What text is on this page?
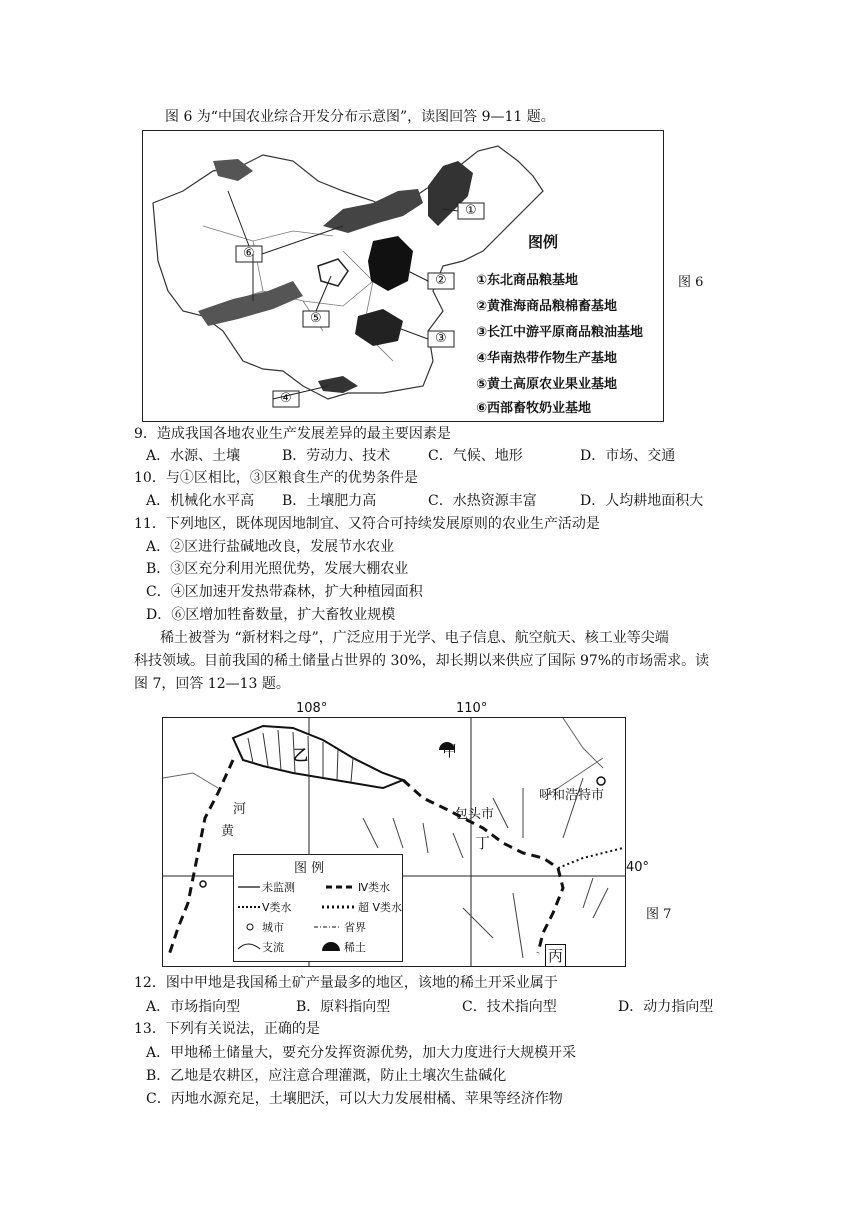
图 6 为“中国农业综合开发分布示意图”，读图回答 9—11 题。
①
②
③
④
⑤
⑥
图例
①东北商品粮基地
②黄淮海商品粮棉畜基地
③长江中游平原商品粮油基地
④华南热带作物生产基地
⑤黄土高原农业果业基地
⑥西部畜牧奶业基地
图 6
9．造成我国各地农业生产发展差异的最主要因素是
A．水源、土壤	B．劳动力、技术	C．气候、地形	D．市场、交通
10．与①区相比，③区粮食生产的优势条件是
A．机械化水平高 B．土壤肥力高	C．水热资源丰富	D．人均耕地面积大
11．下列地区，既体现因地制宜、又符合可持续发展原则的农业生产活动是
A．②区进行盐碱地改良，发展节水农业
B．③区充分利用光照优势，发展大棚农业
C．④区加速开发热带森林，扩大种植园面积
D．⑥区增加牲畜数量，扩大畜牧业规模
稀土被誉为 “新材料之母”，广泛应用于光学、电子信息、航空航天、核工业等尖端
科技领域。目前我国的稀土储量占世界的 30%，却长期以来供应了国际 97%的市场需求。读
图 7，回答 12—13 题。
108°	110°
甲
乙
河
黄
包头市
呼和浩特市
丁
丙
图 例
未监测	Ⅳ类水
Ⅴ类水	超 Ⅴ类水
城市	省界
支流	稀土
40°
图 7
12．图中甲地是我国稀土矿产量最多的地区，该地的稀土开采业属于
A．市场指向型	B．原料指向型	C．技术指向型	D．动力指向型
13．下列有关说法，正确的是
A．甲地稀土储量大，要充分发挥资源优势，加大力度进行大规模开采
B．乙地是农耕区，应注意合理灌溉，防止土壤次生盐碱化
C．丙地水源充足，土壤肥沃，可以大力发展柑橘、苹果等经济作物
